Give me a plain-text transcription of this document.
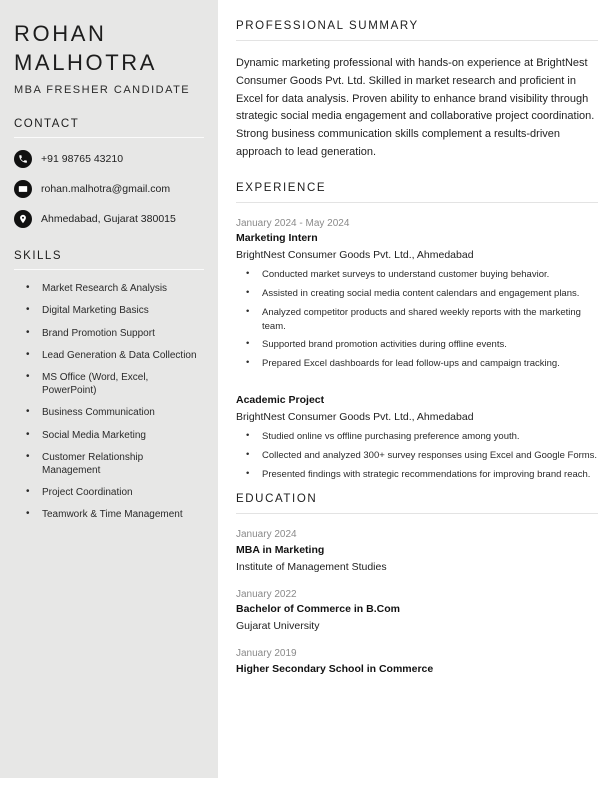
ROHAN
MALHOTRA
MBA FRESHER CANDIDATE
CONTACT
+91 98765 43210
rohan.malhotra@gmail.com
Ahmedabad, Gujarat 380015
SKILLS
• Market Research & Analysis
• Digital Marketing Basics
• Brand Promotion Support
• Lead Generation & Data Collection
• MS Office (Word, Excel, PowerPoint)
• Business Communication
• Social Media Marketing
• Customer Relationship Management
• Project Coordination
• Teamwork & Time Management
PROFESSIONAL SUMMARY

Dynamic marketing professional with hands-on experience at BrightNest Consumer Goods Pvt. Ltd. Skilled in market research and proficient in Excel for data analysis. Proven ability to enhance brand visibility through strategic social media engagement and collaborative project coordination. Strong business communication skills complement a results-driven approach to lead generation.

EXPERIENCE
January 2024 - May 2024
Marketing Intern
BrightNest Consumer Goods Pvt. Ltd., Ahmedabad
• Conducted market surveys to understand customer buying behavior.
• Assisted in creating social media content calendars and engagement plans.
• Analyzed competitor products and shared weekly reports with the marketing team.
• Supported brand promotion activities during offline events.
• Prepared Excel dashboards for lead follow-ups and campaign tracking.
Academic Project
BrightNest Consumer Goods Pvt. Ltd., Ahmedabad
• Studied online vs offline purchasing preference among youth.
• Collected and analyzed 300+ survey responses using Excel and Google Forms.
• Presented findings with strategic recommendations for improving brand reach.
EDUCATION
January 2024
MBA in Marketing
Institute of Management Studies
January 2022
Bachelor of Commerce in B.Com
Gujarat University
January 2019
Higher Secondary School in Commerce
